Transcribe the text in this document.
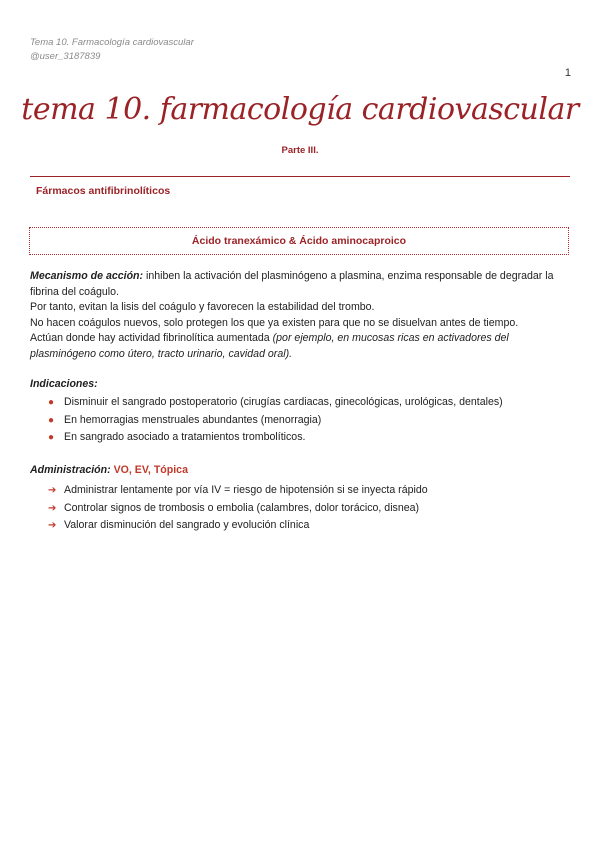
Tema 10. Farmacología cardiovascular
@user_3187839
1
tema 10. farmacología cardiovascular
Parte III.
Fármacos antifibrinolíticos
Ácido tranexámico & Ácido aminocaproico
Mecanismo de acción: inhiben la activación del plasminógeno a plasmina, enzima responsable de degradar la fibrina del coágulo.
Por tanto, evitan la lisis del coágulo y favorecen la estabilidad del trombo.
No hacen coágulos nuevos, solo protegen los que ya existen para que no se disuelvan antes de tiempo.
Actúan donde hay actividad fibrinolítica aumentada (por ejemplo, en mucosas ricas en activadores del plasminógeno como útero, tracto urinario, cavidad oral).
Indicaciones:
● Disminuir el sangrado postoperatorio (cirugías cardiacas, ginecológicas, urológicas, dentales)
● En hemorragias menstruales abundantes (menorragia)
● En sangrado asociado a tratamientos trombolíticos.
Administración: VO, EV, Tópica
➔ Administrar lentamente por vía IV = riesgo de hipotensión si se inyecta rápido
➔ Controlar signos de trombosis o embolia (calambres, dolor torácico, disnea)
➔ Valorar disminución del sangrado y evolución clínica
